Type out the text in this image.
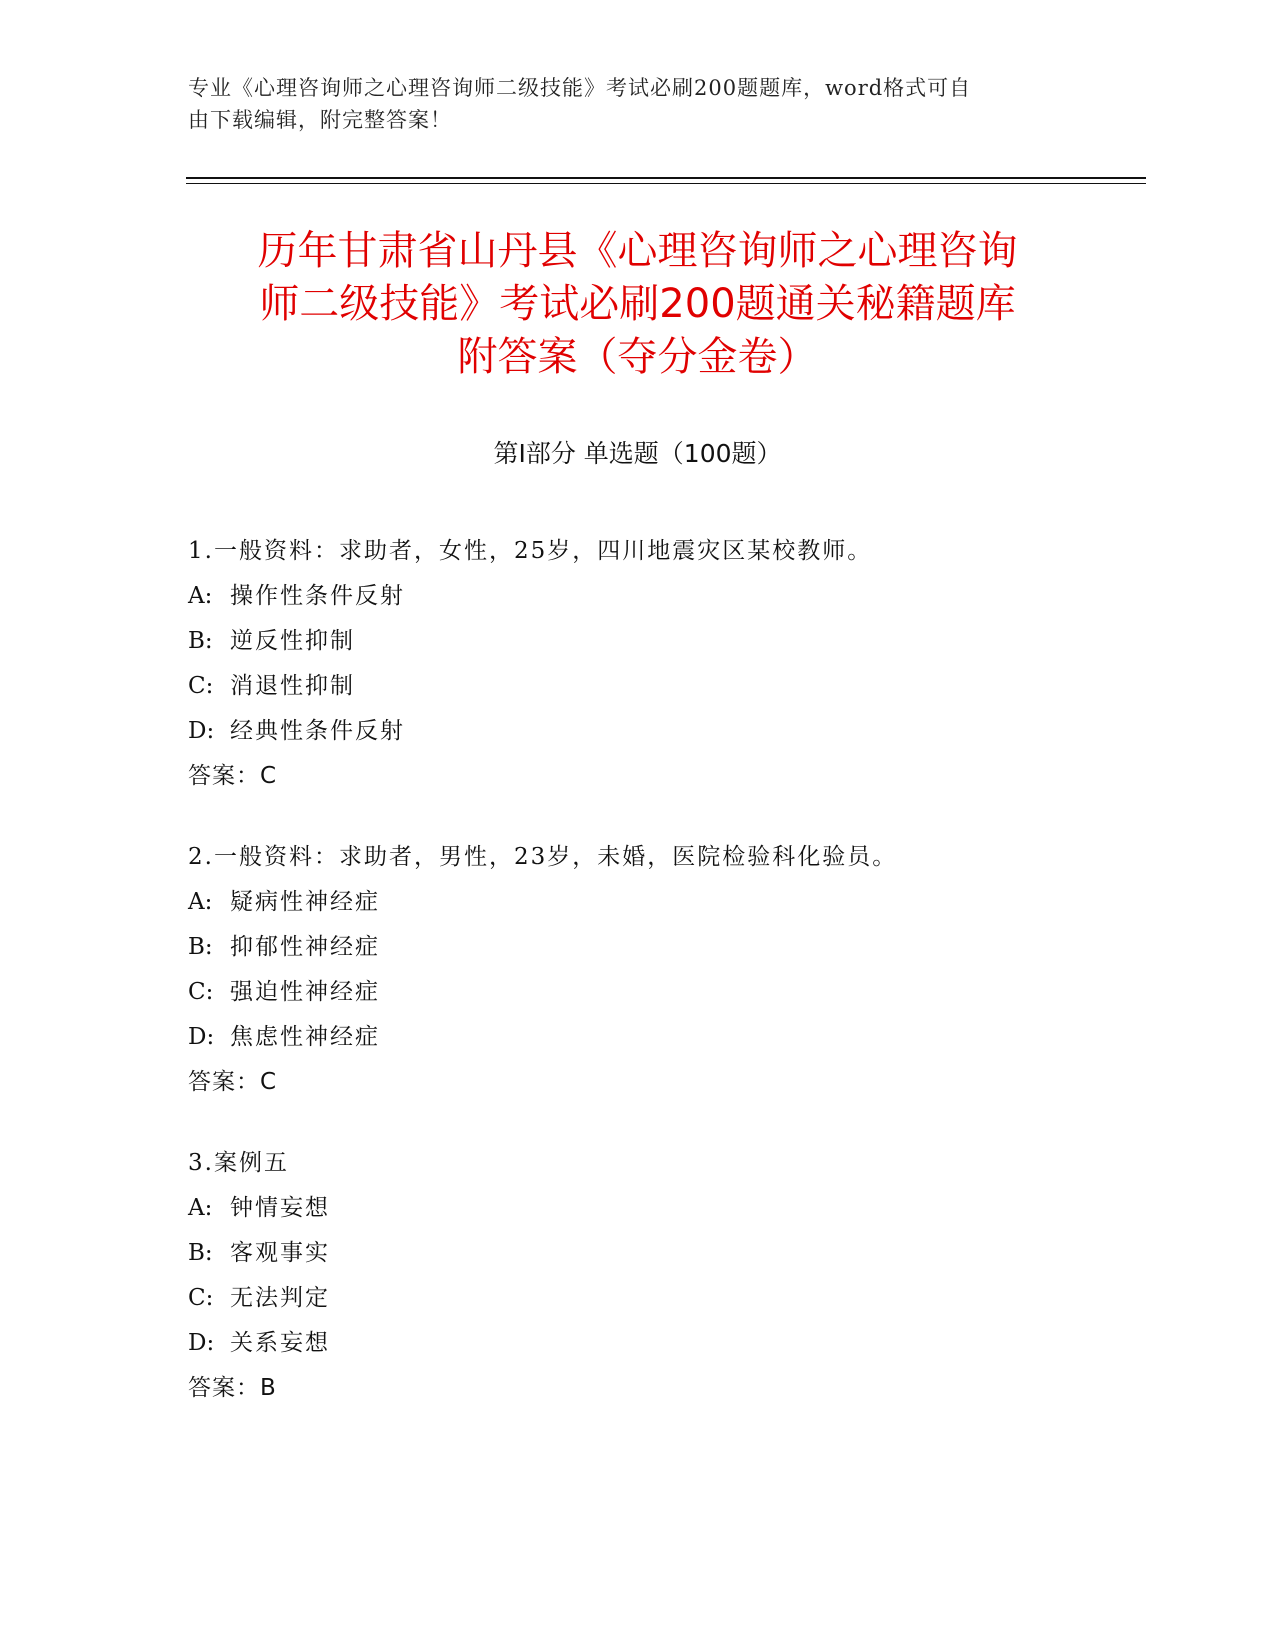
专业《心理咨询师之心理咨询师二级技能》考试必刷200题题库，word格式可自
由下载编辑，附完整答案！
历年甘肃省山丹县《心理咨询师之心理咨询
师二级技能》考试必刷200题通关秘籍题库
附答案（夺分金卷）
第Ⅰ部分 单选题（100题）
1.一般资料：求助者，女性，25岁，四川地震灾区某校教师。
A: 操作性条件反射
B: 逆反性抑制
C: 消退性抑制
D: 经典性条件反射
答案：C
2.一般资料：求助者，男性，23岁，未婚，医院检验科化验员。
A: 疑病性神经症
B: 抑郁性神经症
C: 强迫性神经症
D: 焦虑性神经症
答案：C
3.案例五
A: 钟情妄想
B: 客观事实
C: 无法判定
D: 关系妄想
答案：B
